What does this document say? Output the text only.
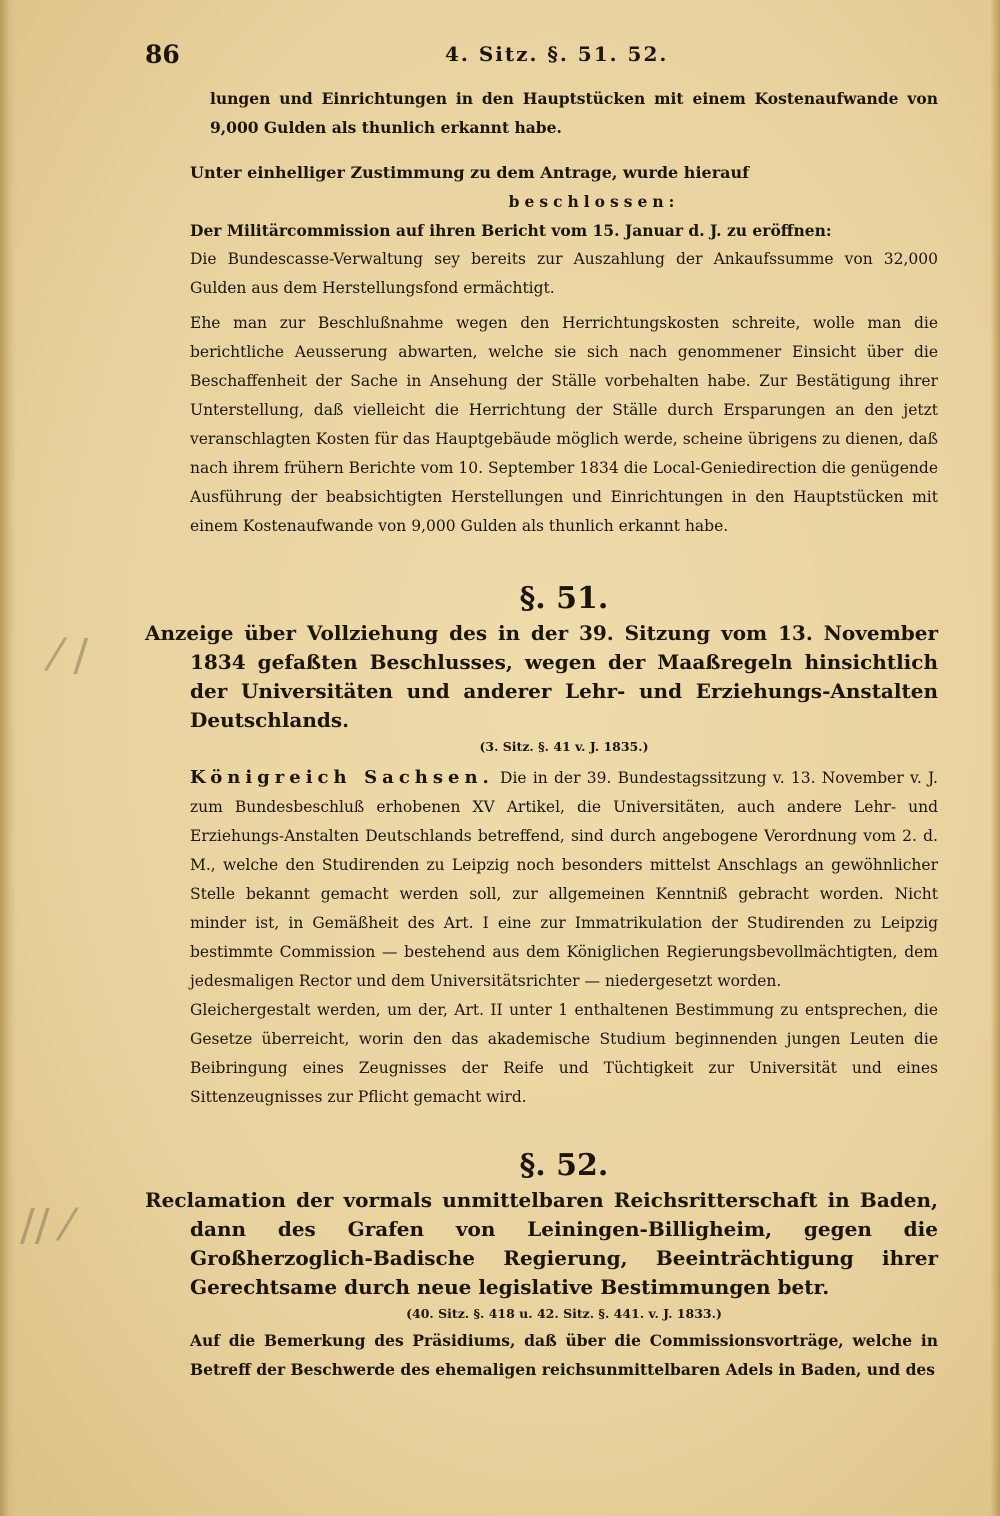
⁄ /
// ⁄
86	4. Sitz. §. 51. 52.

lungen und Einrichtungen in den Hauptstücken mit einem Kostenaufwande von 9,000 Gulden als thunlich erkannt habe.

Unter einhelliger Zustimmung zu dem Antrage, wurde hierauf

beschlossen:

Der Militärcommission auf ihren Bericht vom 15. Januar d. J. zu eröffnen:

Die Bundescasse-Verwaltung sey bereits zur Auszahlung der Ankaufssumme von 32,000 Gulden aus dem Herstellungsfond ermächtigt.

Ehe man zur Beschlußnahme wegen den Herrichtungskosten schreite, wolle man die berichtliche Aeusserung abwarten, welche sie sich nach genommener Einsicht über die Beschaffenheit der Sache in Ansehung der Ställe vorbehalten habe. Zur Bestätigung ihrer Unterstellung, daß vielleicht die Herrichtung der Ställe durch Ersparungen an den jetzt veranschlagten Kosten für das Hauptgebäude möglich werde, scheine übrigens zu dienen, daß nach ihrem frühern Berichte vom 10. September 1834 die Local-Geniedirection die genügende Ausführung der beabsichtigten Herstellungen und Einrichtungen in den Hauptstücken mit einem Kostenaufwande von 9,000 Gulden als thunlich erkannt habe.

§. 51.

Anzeige über Vollziehung des in der 39. Sitzung vom 13. November 1834 gefaßten Beschlusses, wegen der Maaßregeln hinsichtlich der Universitäten und anderer Lehr- und Erziehungs-Anstalten Deutschlands.

(3. Sitz. §. 41 v. J. 1835.)

Königreich Sachsen. Die in der 39. Bundestagssitzung v. 13. November v. J. zum Bundesbeschluß erhobenen XV Artikel, die Universitäten, auch andere Lehr- und Erziehungs-Anstalten Deutschlands betreffend, sind durch angebogene Verordnung vom 2. d. M., welche den Studirenden zu Leipzig noch besonders mittelst Anschlags an gewöhnlicher Stelle bekannt gemacht werden soll, zur allgemeinen Kenntniß gebracht worden. Nicht minder ist, in Gemäßheit des Art. I eine zur Immatrikulation der Studirenden zu Leipzig bestimmte Commission — bestehend aus dem Königlichen Regierungsbevollmächtigten, dem jedesmaligen Rector und dem Universitätsrichter — niedergesetzt worden.

Gleichergestalt werden, um der, Art. II unter 1 enthaltenen Bestimmung zu entsprechen, die Gesetze überreicht, worin den das akademische Studium beginnenden jungen Leuten die Beibringung eines Zeugnisses der Reife und Tüchtigkeit zur Universität und eines Sittenzeugnisses zur Pflicht gemacht wird.

§. 52.

Reclamation der vormals unmittelbaren Reichsritterschaft in Baden, dann des Grafen von Leiningen-Billigheim, gegen die Großherzoglich-Badische Regierung, Beeinträchtigung ihrer Gerechtsame durch neue legislative Bestimmungen betr.

(40. Sitz. §. 418 u. 42. Sitz. §. 441. v. J. 1833.)

Auf die Bemerkung des Präsidiums, daß über die Commissionsvorträge, welche in Betreff der Beschwerde des ehemaligen reichsunmittelbaren Adels in Baden, und des
